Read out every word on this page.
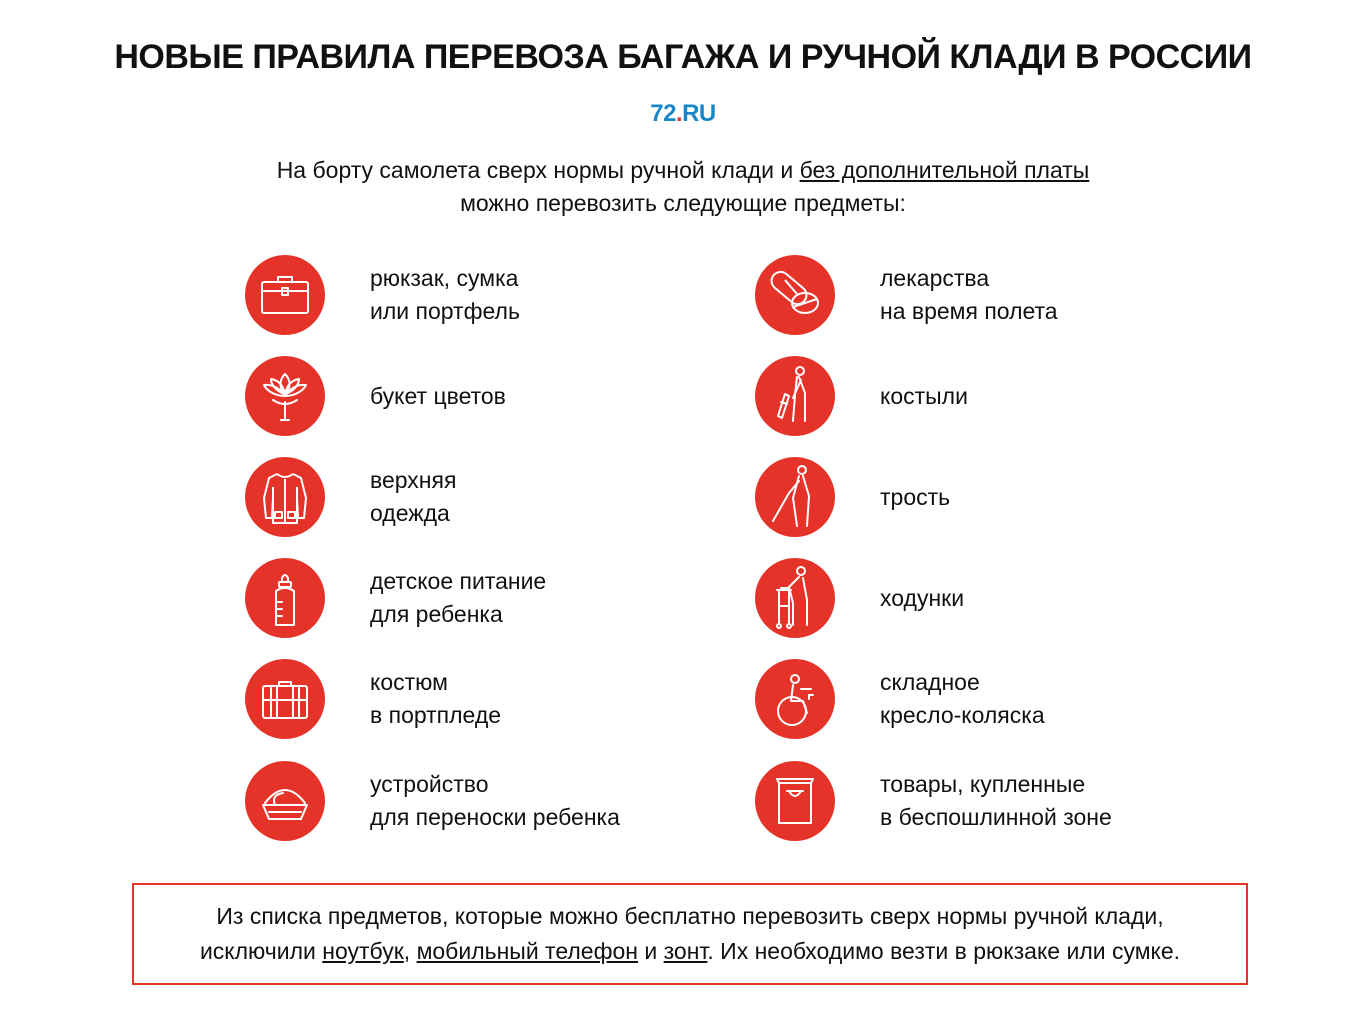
НОВЫЕ ПРАВИЛА ПЕРЕВОЗА БАГАЖА И РУЧНОЙ КЛАДИ В РОССИИ
72.RU
На борту самолета сверх нормы ручной клади и без дополнительной платы
можно перевозить следующие предметы:
рюкзак, сумка
или портфель
букет цветов
верхняя
одежда
детское питание
для ребенка
костюм
в портпледе
устройство
для переноски ребенка
лекарства
на время полета
костыли
трость
ходунки
складное
кресло-коляска
товары, купленные
в беспошлинной зоне
Из списка предметов, которые можно бесплатно перевозить сверх нормы ручной клади,
исключили ноутбук, мобильный телефон и зонт. Их необходимо везти в рюкзаке или сумке.
